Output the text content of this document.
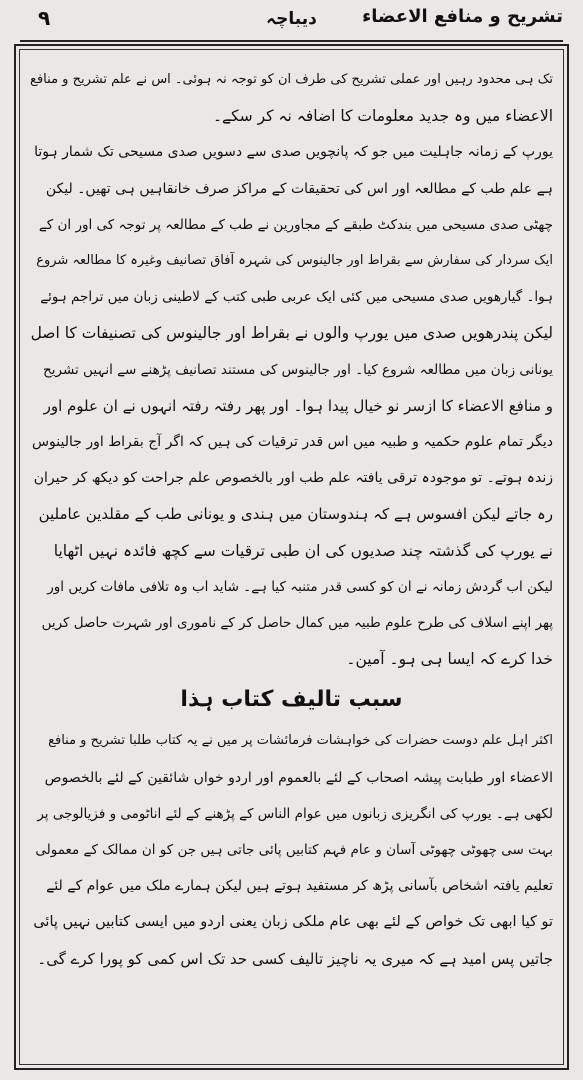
تشریح و منافع الاعضاء
دیباچہ
۹
تک ہی محدود رہیں اور عملی تشریح کی طرف ان کو توجہ نہ ہوئی۔ اس نے علم تشریح و منافع
الاعضاء میں وہ جدید معلومات کا اضافہ نہ کر سکے۔
یورپ کے زمانہ جاہلیت میں جو کہ پانچویں صدی سے دسویں صدی مسیحی تک شمار ہوتا
ہے علم طب کے مطالعہ اور اس کی تحقیقات کے مراکز صرف خانقاہیں ہی تھیں۔ لیکن
چھٹی صدی مسیحی میں بندکٹ طبقے کے مجاورین نے طب کے مطالعہ پر توجہ کی اور ان کے
ایک سردار کی سفارش سے بقراط اور جالینوس کی شہرہ آفاق تصانیف وغیرہ کا مطالعہ شروع
ہوا۔ گیارھویں صدی مسیحی میں کئی ایک عربی طبی کتب کے لاطینی زبان میں تراجم ہوئے
لیکن پندرھویں صدی میں یورپ والوں نے بقراط اور جالینوس کی تصنیفات کا اصل
یونانی زبان میں مطالعہ شروع کیا۔ اور جالینوس کی مستند تصانیف پڑھنے سے انہیں تشریح
و منافع الاعضاء کا ازسر نو خیال پیدا ہوا۔ اور پھر رفتہ رفتہ انہوں نے ان علوم اور
دیگر تمام علوم حکمیہ و طبیہ میں اس قدر ترقیات کی ہیں کہ اگر آج بقراط اور جالینوس
زندہ ہوتے۔ تو موجودہ ترقی یافتہ علم طب اور بالخصوص علم جراحت کو دیکھ کر حیران
رہ جاتے لیکن افسوس ہے کہ ہندوستان میں ہندی و یونانی طب کے مقلدین عاملین
نے یورپ کی گذشتہ چند صدیوں کی ان طبی ترقیات سے کچھ فائدہ نہیں اٹھایا
لیکن اب گردش زمانہ نے ان کو کسی قدر متنبہ کیا ہے۔ شاید اب وہ تلافی مافات کریں اور
پھر اپنے اسلاف کی طرح علوم طبیہ میں کمال حاصل کر کے ناموری اور شہرت حاصل کریں
خدا کرے کہ ایسا ہی ہو۔ آمین۔
سبب تالیف کتاب ہذا
اکثر اہل علم دوست حضرات کی خواہشات فرمائشات پر میں نے یہ کتاب طلبا تشریح و منافع
الاعضاء اور طبابت پیشہ اصحاب کے لئے بالعموم اور اردو خواں شائقین کے لئے بالخصوص
لکھی ہے۔ یورپ کی انگریزی زبانوں میں عوام الناس کے پڑھنے کے لئے اناٹومی و فزیالوجی پر
بہت سی چھوٹی چھوٹی آسان و عام فہم کتابیں پائی جاتی ہیں جن کو ان ممالک کے معمولی
تعلیم یافتہ اشخاص بآسانی پڑھ کر مستفید ہوتے ہیں لیکن ہمارے ملک میں عوام کے لئے
تو کیا ابھی تک خواص کے لئے بھی عام ملکی زبان یعنی اردو میں ایسی کتابیں نہیں پائی
جاتیں پس امید ہے کہ میری یہ ناچیز تالیف کسی حد تک اس کمی کو پورا کرے گی۔
